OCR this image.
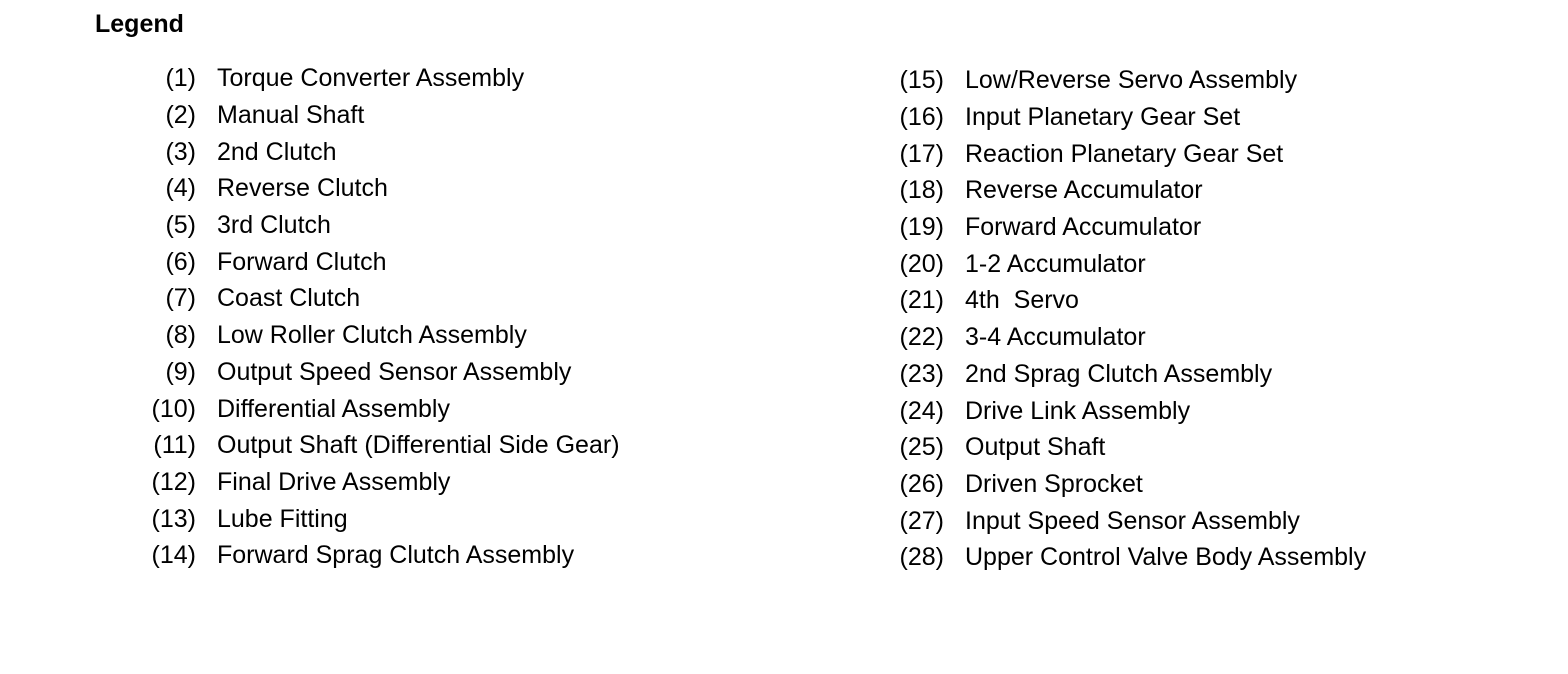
Legend
(1) Torque Converter Assembly
(2) Manual Shaft
(3) 2nd Clutch
(4) Reverse Clutch
(5) 3rd Clutch
(6) Forward Clutch
(7) Coast Clutch
(8) Low Roller Clutch Assembly
(9) Output Speed Sensor Assembly
(10) Differential Assembly
(11) Output Shaft (Differential Side Gear)
(12) Final Drive Assembly
(13) Lube Fitting
(14) Forward Sprag Clutch Assembly
(15) Low/Reverse Servo Assembly
(16) Input Planetary Gear Set
(17) Reaction Planetary Gear Set
(18) Reverse Accumulator
(19) Forward Accumulator
(20) 1-2 Accumulator
(21) 4th  Servo
(22) 3-4 Accumulator
(23) 2nd Sprag Clutch Assembly
(24) Drive Link Assembly
(25) Output Shaft
(26) Driven Sprocket
(27) Input Speed Sensor Assembly
(28) Upper Control Valve Body Assembly
